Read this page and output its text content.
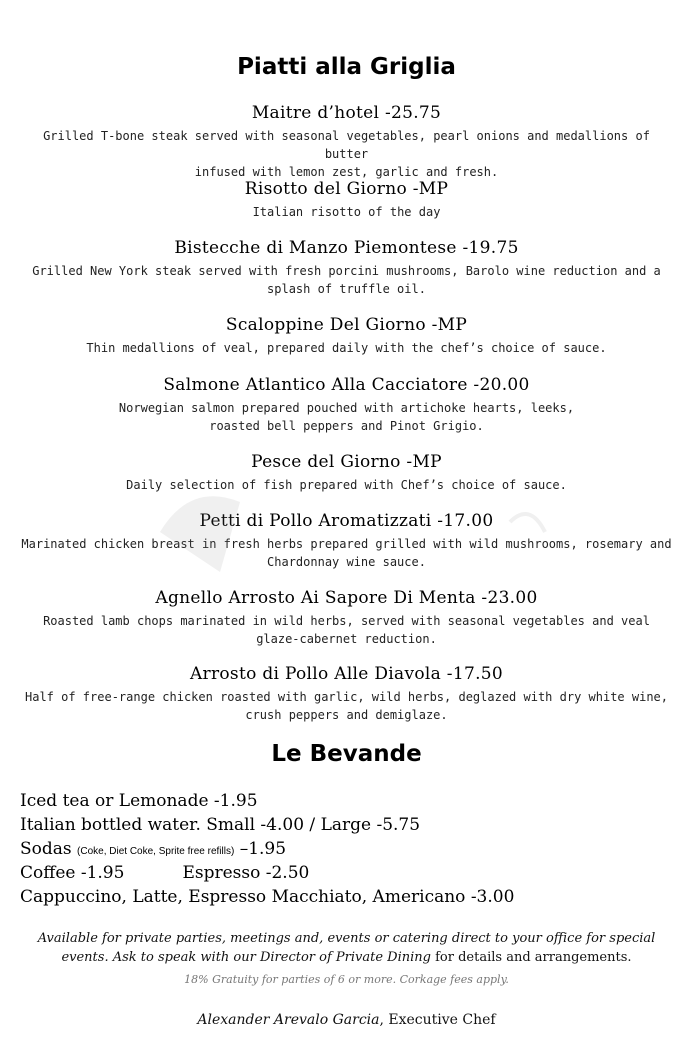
Piatti alla Griglia
Maitre d’hotel -25.75
Grilled T-bone steak served with seasonal vegetables, pearl onions and medallions of butter
infused with lemon zest, garlic and fresh.
Risotto del Giorno -MP
Italian risotto of the day
Bistecche di Manzo Piemontese -19.75
Grilled New York steak served with fresh porcini mushrooms, Barolo wine reduction and a
splash of truffle oil.
Scaloppine Del Giorno -MP
Thin medallions of veal, prepared daily with the chef’s choice of sauce.
Salmone Atlantico Alla Cacciatore -20.00
Norwegian salmon prepared pouched with artichoke hearts, leeks,
roasted bell peppers and Pinot Grigio.
Pesce del Giorno -MP
Daily selection of fish prepared with Chef’s choice of sauce.
Petti di Pollo Aromatizzati -17.00
Marinated chicken breast in fresh herbs prepared grilled with wild mushrooms, rosemary and
Chardonnay wine sauce.
Agnello Arrosto Ai Sapore Di Menta -23.00
Roasted lamb chops marinated in wild herbs, served with seasonal vegetables and veal
glaze-cabernet reduction.
Arrosto di Pollo Alle Diavola -17.50
Half of free-range chicken roasted with garlic, wild herbs, deglazed with dry white wine,
crush peppers and demiglaze.
Le Bevande
Iced tea or Lemonade -1.95
Italian bottled water. Small -4.00 / Large -5.75
Sodas (Coke, Diet Coke, Sprite free refills) –1.95
Coffee -1.95	Espresso -2.50
Cappuccino, Latte, Espresso Macchiato, Americano -3.00
Available for private parties, meetings and, events or catering direct to your office for special
events. Ask to speak with our Director of Private Dining for details and arrangements.
18% Gratuity for parties of 6 or more. Corkage fees apply.
Alexander Arevalo Garcia, Executive Chef
